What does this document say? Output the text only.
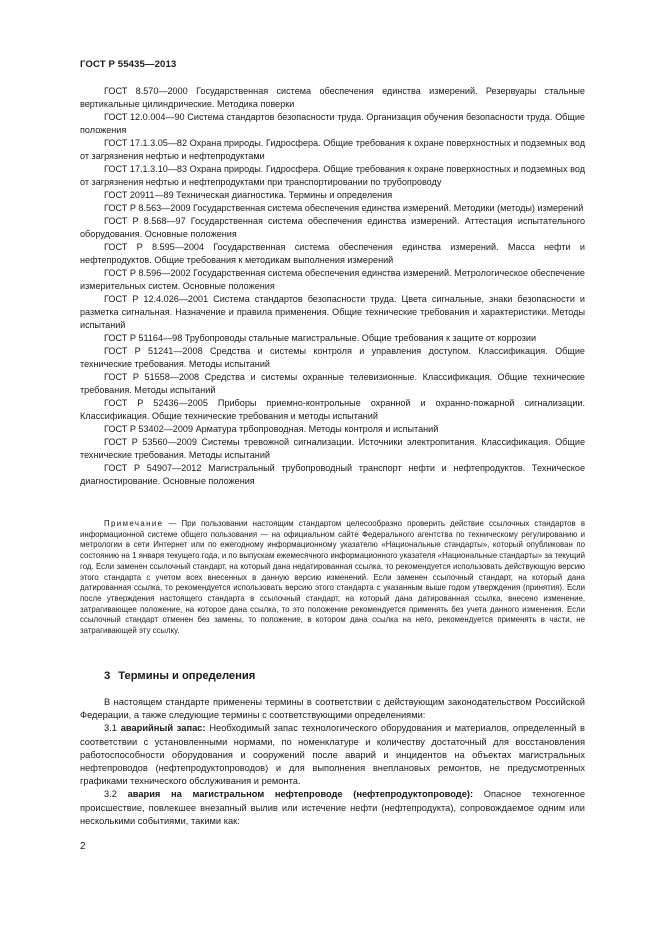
ГОСТ Р 55435—2013

ГОСТ 8.570—2000 Государственная система обеспечения единства измерений. Резервуары стальные вертикальные цилиндрические. Методика поверки

ГОСТ 12.0.004—90 Система стандартов безопасности труда. Организация обучения безопасности труда. Общие положения

ГОСТ 17.1.3.05—82 Охрана природы. Гидросфера. Общие требования к охране поверхностных и подземных вод от загрязнения нефтью и нефтепродуктами

ГОСТ 17.1.3.10—83 Охрана природы. Гидросфера. Общие требования к охране поверхностных и подземных вод от загрязнения нефтью и нефтепродуктами при транспортировании по трубопроводу

ГОСТ 20911—89 Техническая диагностика. Термины и определения

ГОСТ Р 8.563—2009 Государственная система обеспечения единства измерений. Методики (методы) измерений

ГОСТ Р 8.568—97 Государственная система обеспечения единства измерений. Аттестация испытательного оборудования. Основные положения

ГОСТ Р 8.595—2004 Государственная система обеспечения единства измерений. Масса нефти и нефтепродуктов. Общие требования к методикам выполнения измерений

ГОСТ Р 8.596—2002 Государственная система обеспечения единства измерений. Метрологическое обеспечение измерительных систем. Основные положения

ГОСТ Р 12.4.026—2001 Система стандартов безопасности труда. Цвета сигнальные, знаки безопасности и разметка сигнальная. Назначение и правила применения. Общие технические требования и характеристики. Методы испытаний

ГОСТ Р 51164—98 Трубопроводы стальные магистральные. Общие требования к защите от коррозии

ГОСТ Р 51241—2008 Средства и системы контроля и управления доступом. Классификация. Общие технические требования. Методы испытаний

ГОСТ Р 51558—2008 Средства и системы охранные телевизионные. Классификация. Общие технические требования. Методы испытаний

ГОСТ Р 52436—2005 Приборы приемно-контрольные охранной и охранно-пожарной сигнализации. Классификация. Общие технические требования и методы испытаний

ГОСТ Р 53402—2009 Арматура трбопроводная. Методы контроля и испытаний

ГОСТ Р 53560—2009 Системы тревожной сигнализации. Источники электропитания. Классификация. Общие технические требования. Методы испытаний

ГОСТ Р 54907—2012 Магистральный трубопроводный транспорт нефти и нефтепродуктов. Техническое диагностирование. Основные положения

Примечание — При пользовании настоящим стандартом целесообразно проверить действие ссылочных стандартов в информационной системе общего пользования — на официальном сайте Федерального агентства по техническому регулированию и метрологии в сети Интернет или по ежегодному информационному указателю «Национальные стандарты», который опубликован по состоянию на 1 января текущего года, и по выпускам ежемесячного информационного указателя «Национальные стандарты» за текущий год. Если заменен ссылочный стандарт, на который дана недатированная ссылка, то рекомендуется использовать действующую версию этого стандарта с учетом всех внесенных в данную версию изменений. Если заменен ссылочный стандарт, на который дана датированная ссылка, то рекомендуется использовать версию этого стандарта с указанным выше годом утверждения (принятия). Если после утверждения настоящего стандарта в ссылочный стандарт, на который дана датированная ссылка, внесено изменение, затрагивающее положение, на которое дана ссылка, то это положение рекомендуется применять без учета данного изменения. Если ссылочный стандарт отменен без замены, то положение, в котором дана ссылка на него, рекомендуется применять в части, не затрагивающей эту ссылку.

3 Термины и определения

В настоящем стандарте применены термины в соответствии с действующим законодательством Российской Федерации, а также следующие термины с соответствующими определениями:

3.1 аварийный запас: Необходимый запас технологического оборудования и материалов, определенный в соответствии с установленными нормами, по номенклатуре и количеству достаточный для восстановления работоспособности оборудования и сооружений после аварий и инцидентов на объектах магистральных нефтепроводов (нефтепродуктопроводов) и для выполнения внеплановых ремонтов, не предусмотренных графиками технического обслуживания и ремонта.

3.2 авария на магистральном нефтепроводе (нефтепродуктопроводе): Опасное техногенное происшествие, повлекшее внезапный вылив или истечение нефти (нефтепродукта), сопровождаемое одним или несколькими событиями, такими как:

2
